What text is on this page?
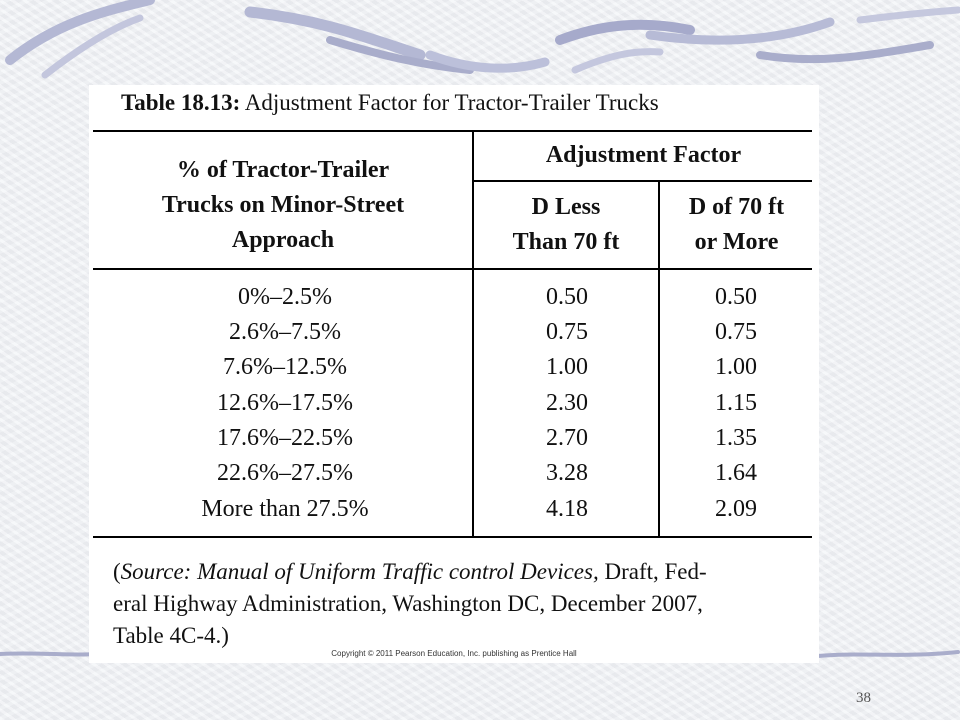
Table 18.13: Adjustment Factor for Tractor-Trailer Trucks
% of Tractor-Trailer
Trucks on Minor-Street
Approach
Adjustment Factor
D Less
Than 70 ft
D of 70 ft
or More
0%–2.5%	0.50	0.50
2.6%–7.5%	0.75	0.75
7.6%–12.5%	1.00	1.00
12.6%–17.5%	2.30	1.15
17.6%–22.5%	2.70	1.35
22.6%–27.5%	3.28	1.64
More than 27.5%	4.18	2.09
(Source: Manual of Uniform Traffic control Devices, Draft, Fed-
eral Highway Administration, Washington DC, December 2007,
Table 4C-4.)
Copyright © 2011 Pearson Education, Inc. publishing as Prentice Hall
38
